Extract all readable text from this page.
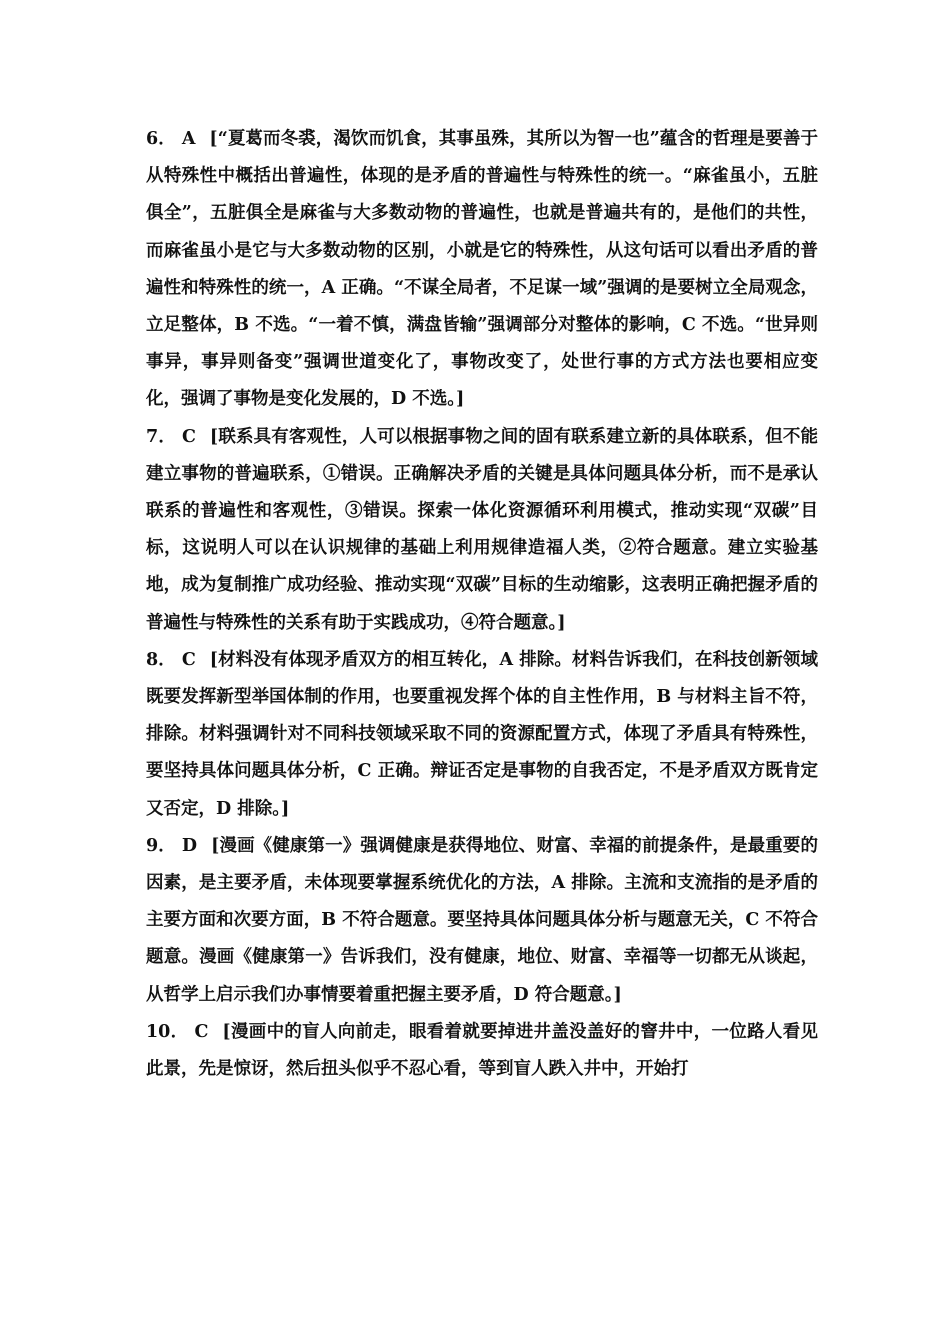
6． A [“夏葛而冬裘，渴饮而饥食，其事虽殊，其所以为智一也”蕴含的哲理是要善于从特殊性中概括出普遍性，体现的是矛盾的普遍性与特殊性的统一。“麻雀虽小，五脏俱全”，五脏俱全是麻雀与大多数动物的普遍性，也就是普遍共有的，是他们的共性，而麻雀虽小是它与大多数动物的区别，小就是它的特殊性，从这句话可以看出矛盾的普遍性和特殊性的统一，A 正确。“不谋全局者，不足谋一域”强调的是要树立全局观念，立足整体，B 不选。“一着不慎，满盘皆输”强调部分对整体的影响，C 不选。“世异则事异，事异则备变”强调世道变化了，事物改变了，处世行事的方式方法也要相应变化，强调了事物是变化发展的，D 不选。]

7． C [联系具有客观性，人可以根据事物之间的固有联系建立新的具体联系，但不能建立事物的普遍联系，①错误。正确解决矛盾的关键是具体问题具体分析，而不是承认联系的普遍性和客观性，③错误。探索一体化资源循环利用模式，推动实现“双碳”目标，这说明人可以在认识规律的基础上利用规律造福人类，②符合题意。建立实验基地，成为复制推广成功经验、推动实现“双碳”目标的生动缩影，这表明正确把握矛盾的普遍性与特殊性的关系有助于实践成功，④符合题意。]

8． C [材料没有体现矛盾双方的相互转化，A 排除。材料告诉我们，在科技创新领域既要发挥新型举国体制的作用，也要重视发挥个体的自主性作用，B 与材料主旨不符，排除。材料强调针对不同科技领域采取不同的资源配置方式，体现了矛盾具有特殊性，要坚持具体问题具体分析，C 正确。辩证否定是事物的自我否定，不是矛盾双方既肯定又否定，D 排除。]

9． D [漫画《健康第一》强调健康是获得地位、财富、幸福的前提条件，是最重要的因素，是主要矛盾，未体现要掌握系统优化的方法，A 排除。主流和支流指的是矛盾的主要方面和次要方面，B 不符合题意。要坚持具体问题具体分析与题意无关，C 不符合题意。漫画《健康第一》告诉我们，没有健康，地位、财富、幸福等一切都无从谈起，从哲学上启示我们办事情要着重把握主要矛盾，D 符合题意。]

10． C [漫画中的盲人向前走，眼看着就要掉进井盖没盖好的窨井中，一位路人看见此景，先是惊讶，然后扭头似乎不忍心看，等到盲人跌入井中，开始打
